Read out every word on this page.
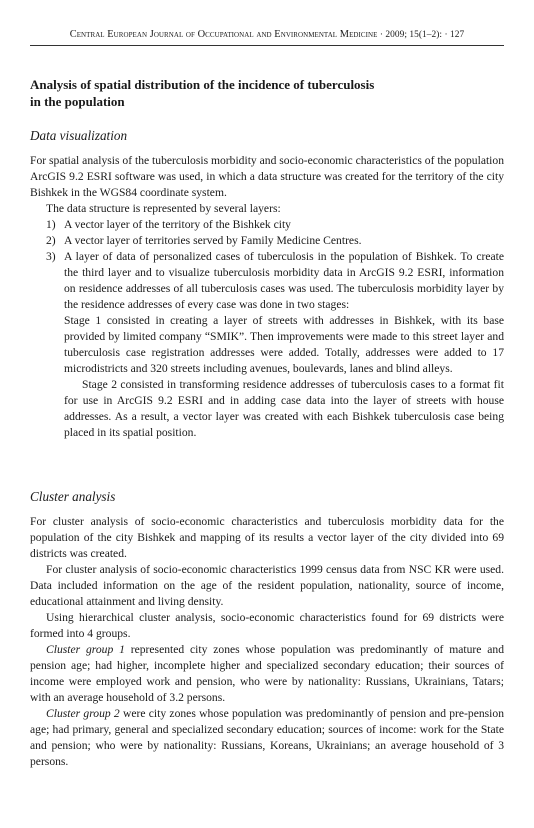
Central European Journal of Occupational and Environmental Medicine · 2009; 15(1–2): · 127
Analysis of spatial distribution of the incidence of tuberculosis
in the population
Data visualization

For spatial analysis of the tuberculosis morbidity and socio-economic characteristics of the population ArcGIS 9.2 ESRI software was used, in which a data structure was created for the territory of the city Bishkek in the WGS84 coordinate system.

The data structure is represented by several layers:

1) A vector layer of the territory of the Bishkek city
2) A vector layer of territories served by Family Medicine Centres.
3) A layer of data of personalized cases of tuberculosis in the population of Bishkek. To create the third layer and to visualize tuberculosis morbidity data in ArcGIS 9.2 ESRI, information on residence addresses of all tuberculosis cases was used. The tuberculosis morbidity layer by the residence addresses of every case was done in two stages:

Stage 1 consisted in creating a layer of streets with addresses in Bishkek, with its base provided by limited company “SMIK”. Then improvements were made to this street layer and tuberculosis case registration addresses were added. Totally, addresses were added to 17 microdistricts and 320 streets including avenues, boulevards, lanes and blind alleys.

Stage 2 consisted in transforming residence addresses of tuberculosis cases to a format fit for use in ArcGIS 9.2 ESRI and in adding case data into the layer of streets with house addresses. As a result, a vector layer was created with each Bishkek tuberculosis case being placed in its spatial position.

Cluster analysis

For cluster analysis of socio-economic characteristics and tuberculosis morbidity data for the population of the city Bishkek and mapping of its results a vector layer of the city divided into 69 districts was created.

For cluster analysis of socio-economic characteristics 1999 census data from NSC KR were used. Data included information on the age of the resident population, nationality, source of income, educational attainment and living density.

Using hierarchical cluster analysis, socio-economic characteristics found for 69 districts were formed into 4 groups.

Cluster group 1 represented city zones whose population was predominantly of mature and pension age; had higher, incomplete higher and specialized secondary education; their sources of income were employed work and pension, who were by nationality: Russians, Ukrainians, Tatars; with an average household of 3.2 persons.

Cluster group 2 were city zones whose population was predominantly of pension and pre-pension age; had primary, general and specialized secondary education; sources of income: work for the State and pension; who were by nationality: Russians, Koreans, Ukrainians; an average household of 3 persons.
